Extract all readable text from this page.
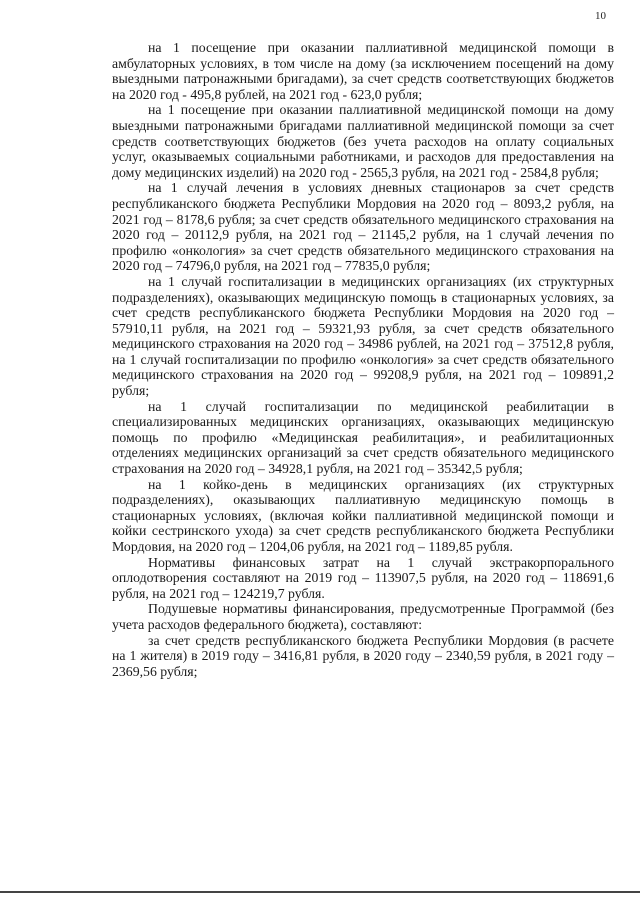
10

на 1 посещение при оказании паллиативной медицинской помощи в амбулаторных условиях, в том числе на дому (за исключением посещений на дому выездными патронажными бригадами), за счет средств соответствующих бюджетов на 2020 год - 495,8 рублей, на 2021 год - 623,0 рубля;

на 1 посещение при оказании паллиативной медицинской помощи на дому выездными патронажными бригадами паллиативной медицинской помощи за счет средств соответствующих бюджетов (без учета расходов на оплату социальных услуг, оказываемых социальными работниками, и расходов для предоставления на дому медицинских изделий) на 2020 год - 2565,3 рубля, на 2021 год - 2584,8 рубля;

на 1 случай лечения в условиях дневных стационаров за счет средств республиканского бюджета Республики Мордовия на 2020 год – 8093,2 рубля, на 2021 год – 8178,6 рубля; за счет средств обязательного медицинского страхования на 2020 год – 20112,9 рубля, на 2021 год – 21145,2 рубля, на 1 случай лечения по профилю «онкология» за счет средств обязательного медицинского страхования на 2020 год – 74796,0 рубля, на 2021 год – 77835,0 рубля;

на 1 случай госпитализации в медицинских организациях (их структурных подразделениях), оказывающих медицинскую помощь в стационарных условиях, за счет средств республиканского бюджета Республики Мордовия на 2020 год – 57910,11 рубля, на 2021 год – 59321,93 рубля, за счет средств обязательного медицинского страхования на 2020 год – 34986 рублей, на 2021 год – 37512,8 рубля, на 1 случай госпитализации по профилю «онкология» за счет средств обязательного медицинского страхования на 2020 год – 99208,9 рубля, на 2021 год – 109891,2 рубля;

на 1 случай госпитализации по медицинской реабилитации в специализированных медицинских организациях, оказывающих медицинскую помощь по профилю «Медицинская реабилитация», и реабилитационных отделениях медицинских организаций за счет средств обязательного медицинского страхования на 2020 год – 34928,1 рубля, на 2021 год – 35342,5 рубля;

на 1 койко-день в медицинских организациях (их структурных подразделениях), оказывающих паллиативную медицинскую помощь в стационарных условиях, (включая койки паллиативной медицинской помощи и койки сестринского ухода) за счет средств республиканского бюджета Республики Мордовия, на 2020 год – 1204,06 рубля, на 2021 год – 1189,85 рубля.

Нормативы финансовых затрат на 1 случай экстракорпорального оплодотворения составляют на 2019 год – 113907,5 рубля, на 2020 год – 118691,6 рубля, на 2021 год – 124219,7 рубля.

Подушевые нормативы финансирования, предусмотренные Программой (без учета расходов федерального бюджета), составляют:

за счет средств республиканского бюджета Республики Мордовия (в расчете на 1 жителя) в 2019 году – 3416,81 рубля, в 2020 году – 2340,59 рубля, в 2021 году – 2369,56 рубля;
